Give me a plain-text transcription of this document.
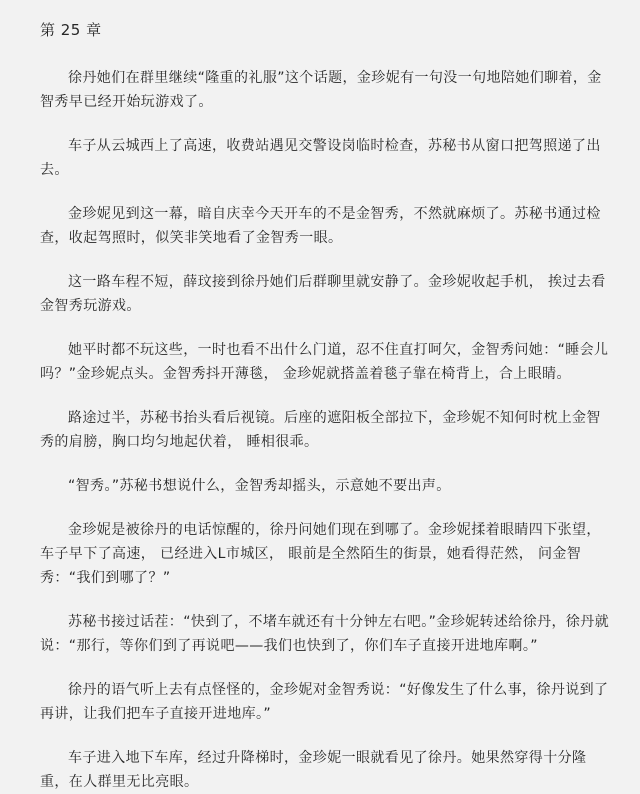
第 25 章

徐丹她们在群里继续“隆重的礼服”这个话题，金珍妮有一句没一句地陪她们聊着，金智秀早已经开始玩游戏了。

车子从云城西上了高速，收费站遇见交警设岗临时检查，苏秘书从窗口把驾照递了出去。

金珍妮见到这一幕，暗自庆幸今天开车的不是金智秀，不然就麻烦了。苏秘书通过检查，收起驾照时，似笑非笑地看了金智秀一眼。

这一路车程不短，薛玟接到徐丹她们后群聊里就安静了。金珍妮收起手机， 挨过去看金智秀玩游戏。

她平时都不玩这些，一时也看不出什么门道，忍不住直打呵欠，金智秀问她：“睡会儿吗？”金珍妮点头。金智秀抖开薄毯， 金珍妮就搭盖着毯子靠在椅背上，合上眼睛。

路途过半，苏秘书抬头看后视镜。后座的遮阳板全部拉下，金珍妮不知何时枕上金智秀的肩膀，胸口均匀地起伏着， 睡相很乖。

“智秀。”苏秘书想说什么，金智秀却摇头，示意她不要出声。

金珍妮是被徐丹的电话惊醒的，徐丹问她们现在到哪了。金珍妮揉着眼睛四下张望， 车子早下了高速， 已经进入L市城区， 眼前是全然陌生的街景，她看得茫然， 问金智秀：“我们到哪了？”

苏秘书接过话茬：“快到了，不堵车就还有十分钟左右吧。”金珍妮转述给徐丹，徐丹就说：“那行，等你们到了再说吧——我们也快到了，你们车子直接开进地库啊。”

徐丹的语气听上去有点怪怪的，金珍妮对金智秀说：“好像发生了什么事，徐丹说到了再讲，让我们把车子直接开进地库。”

车子进入地下车库，经过升降梯时，金珍妮一眼就看见了徐丹。她果然穿得十分隆重，在人群里无比亮眼。
